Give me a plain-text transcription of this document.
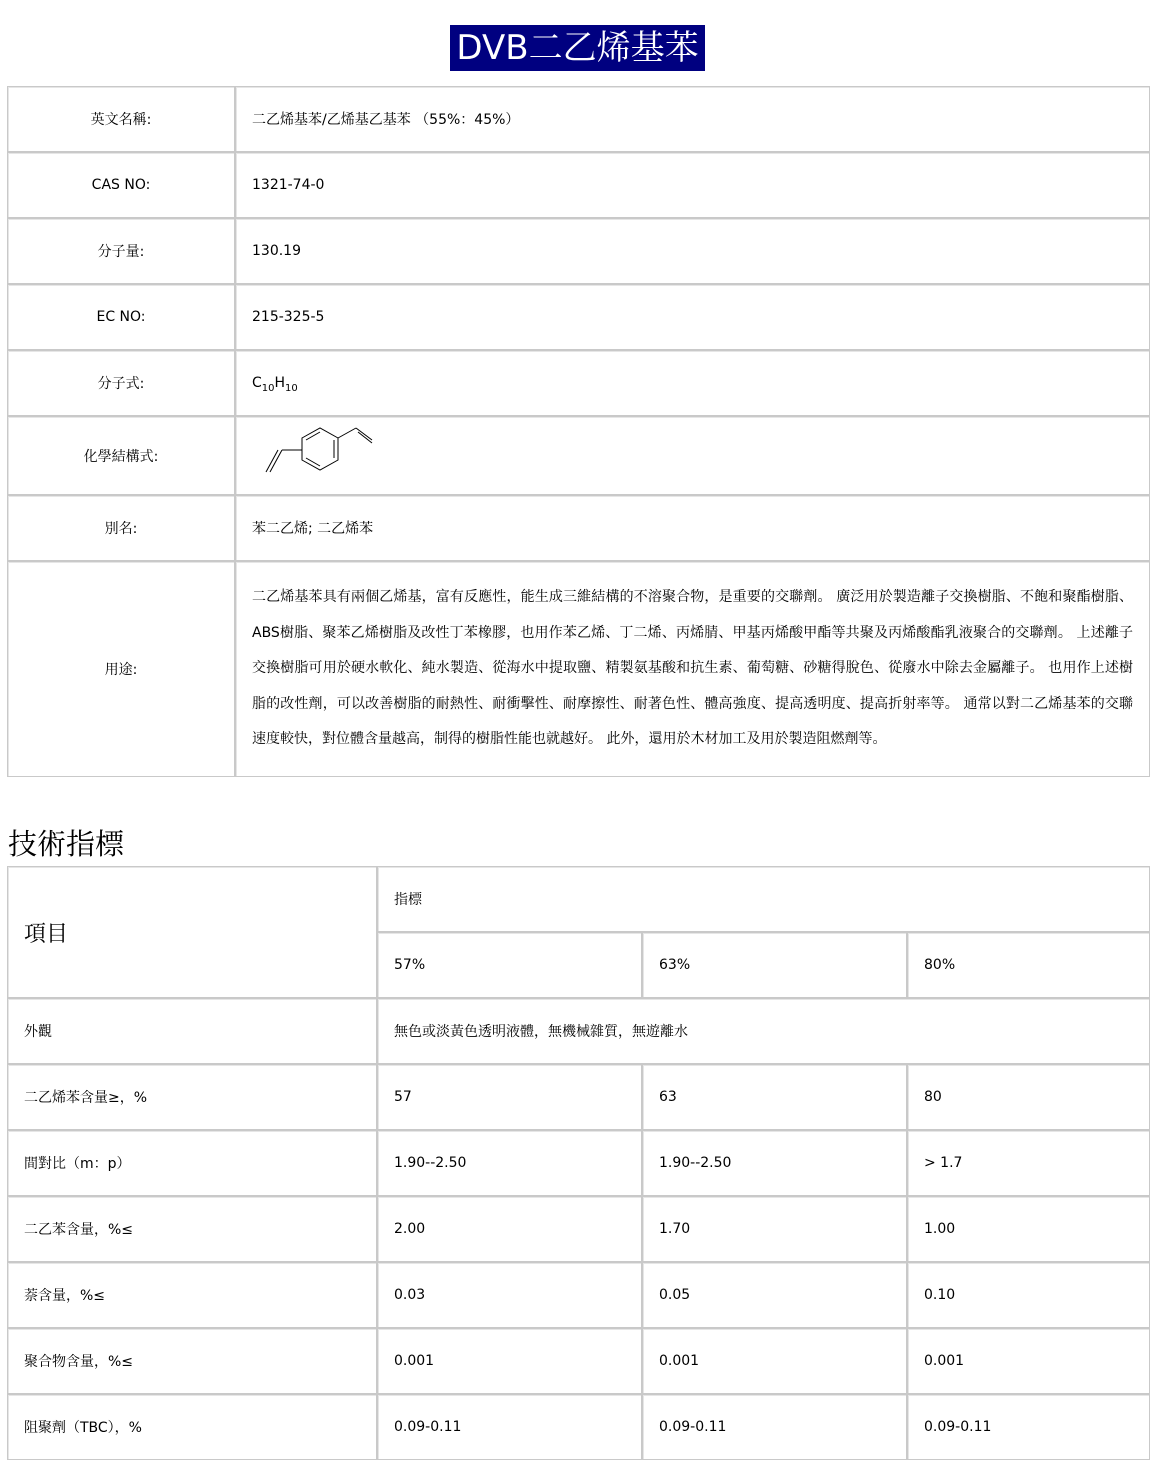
DVB二乙烯基苯
英文名稱:	二乙烯基苯/乙烯基乙基苯 （55%：45%）
CAS NO:	1321-74-0
分子量:	130.19
EC NO:	215-325-5
分子式:	$C_{10}H_{10}$
化學結構式:	

別名:	苯二乙烯; 二乙烯苯
用途:	二乙烯基苯具有兩個乙烯基，富有反應性，能生成三維結構的不溶聚合物，是重要的交聯劑。 廣泛用於製造離子交換樹脂、不飽和聚酯樹脂、ABS樹脂、聚苯乙烯樹脂及改性丁苯橡膠，也用作苯乙烯、丁二烯、丙烯腈、甲基丙烯酸甲酯等共聚及丙烯酸酯乳液聚合的交聯劑。 上述離子交換樹脂可用於硬水軟化、純水製造、從海水中提取鹽、精製氨基酸和抗生素、葡萄糖、砂糖得脫色、從廢水中除去金屬離子。 也用作上述樹脂的改性劑，可以改善樹脂的耐熱性、耐衝擊性、耐摩擦性、耐著色性、體高強度、提高透明度、提高折射率等。 通常以對二乙烯基苯的交聯速度較快，對位體含量越高，制得的樹脂性能也就越好。 此外，還用於木材加工及用於製造阻燃劑等。
技術指標
項目	指標		
	57%	63%	80%
外觀	無色或淡黃色透明液體，無機械雜質，無遊離水		
二乙烯苯含量≥，%	57	63	80
間對比（m：p）	1.90--2.50	1.90--2.50	> 1.7
二乙苯含量，%≤	2.00	1.70	1.00
萘含量，%≤	0.03	0.05	0.10
聚合物含量，%≤	0.001	0.001	0.001
阻聚劑（TBC），%	0.09-0.11	0.09-0.11	0.09-0.11
